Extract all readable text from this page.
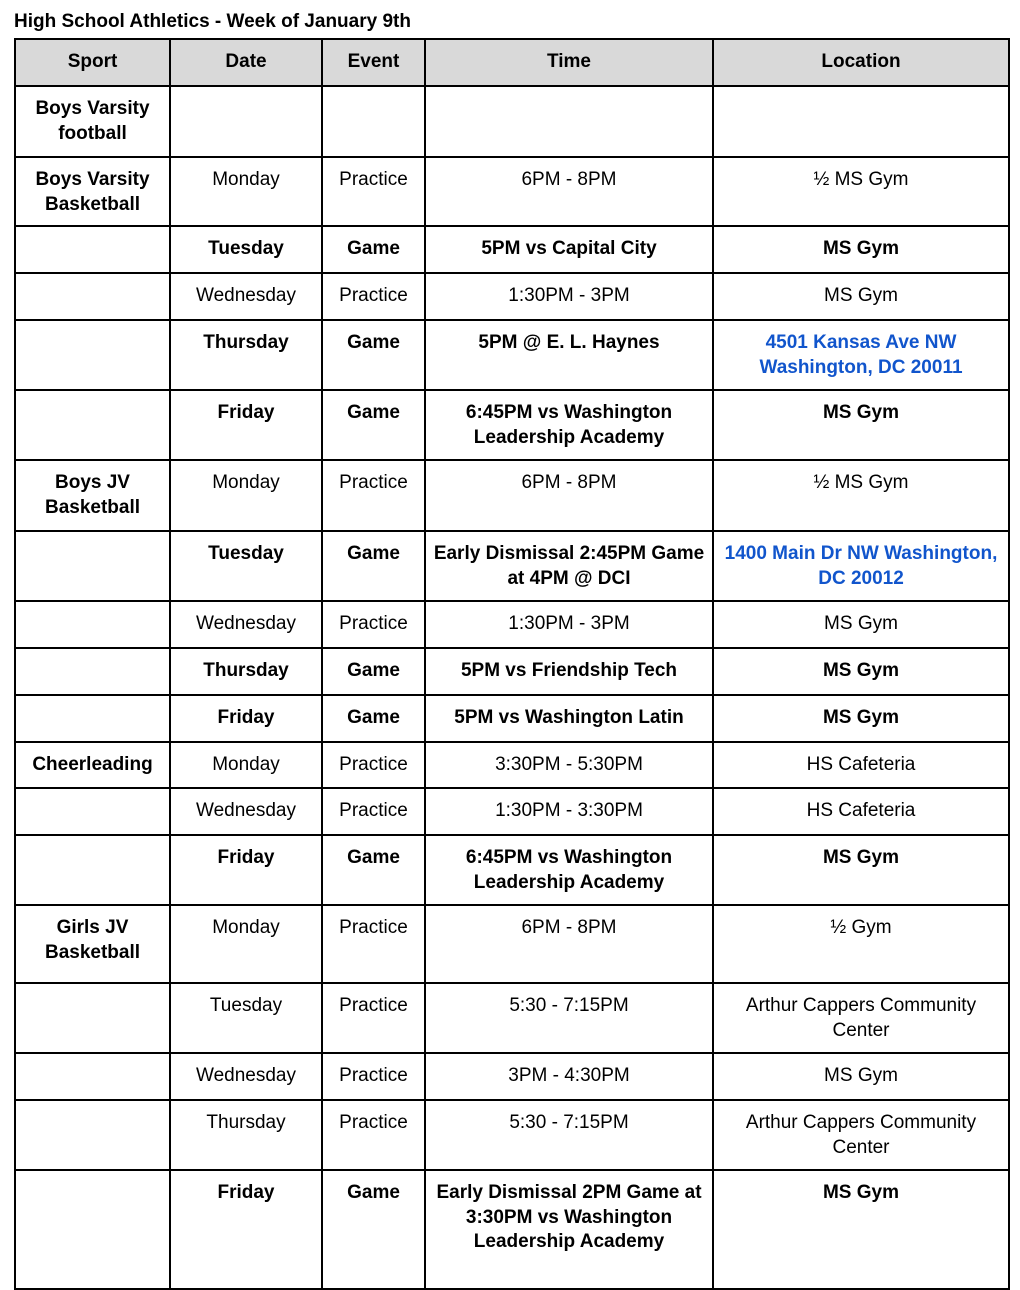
High School Athletics - Week of January 9th
Sport	Date	Event	Time	Location
Boys Varsity football				
Boys Varsity Basketball	Monday	Practice	6PM - 8PM	½ MS Gym
	Tuesday	Game	5PM vs Capital City	MS Gym
	Wednesday	Practice	1:30PM - 3PM	MS Gym
	Thursday	Game	5PM @ E. L. Haynes	4501 Kansas Ave NW Washington, DC 20011
	Friday	Game	6:45PM vs Washington Leadership Academy	MS Gym
Boys JV Basketball	Monday	Practice	6PM - 8PM	½ MS Gym
	Tuesday	Game	Early Dismissal 2:45PM Game at 4PM @ DCI	1400 Main Dr NW Washington, DC 20012
	Wednesday	Practice	1:30PM - 3PM	MS Gym
	Thursday	Game	5PM vs Friendship Tech	MS Gym
	Friday	Game	5PM vs Washington Latin	MS Gym
Cheerleading	Monday	Practice	3:30PM - 5:30PM	HS Cafeteria
	Wednesday	Practice	1:30PM - 3:30PM	HS Cafeteria
	Friday	Game	6:45PM vs Washington Leadership Academy	MS Gym
Girls JV Basketball	Monday	Practice	6PM - 8PM	½ Gym
	Tuesday	Practice	5:30 - 7:15PM	Arthur Cappers Community Center
	Wednesday	Practice	3PM - 4:30PM	MS Gym
	Thursday	Practice	5:30 - 7:15PM	Arthur Cappers Community Center
	Friday	Game	Early Dismissal 2PM Game at 3:30PM vs Washington Leadership Academy	MS Gym
